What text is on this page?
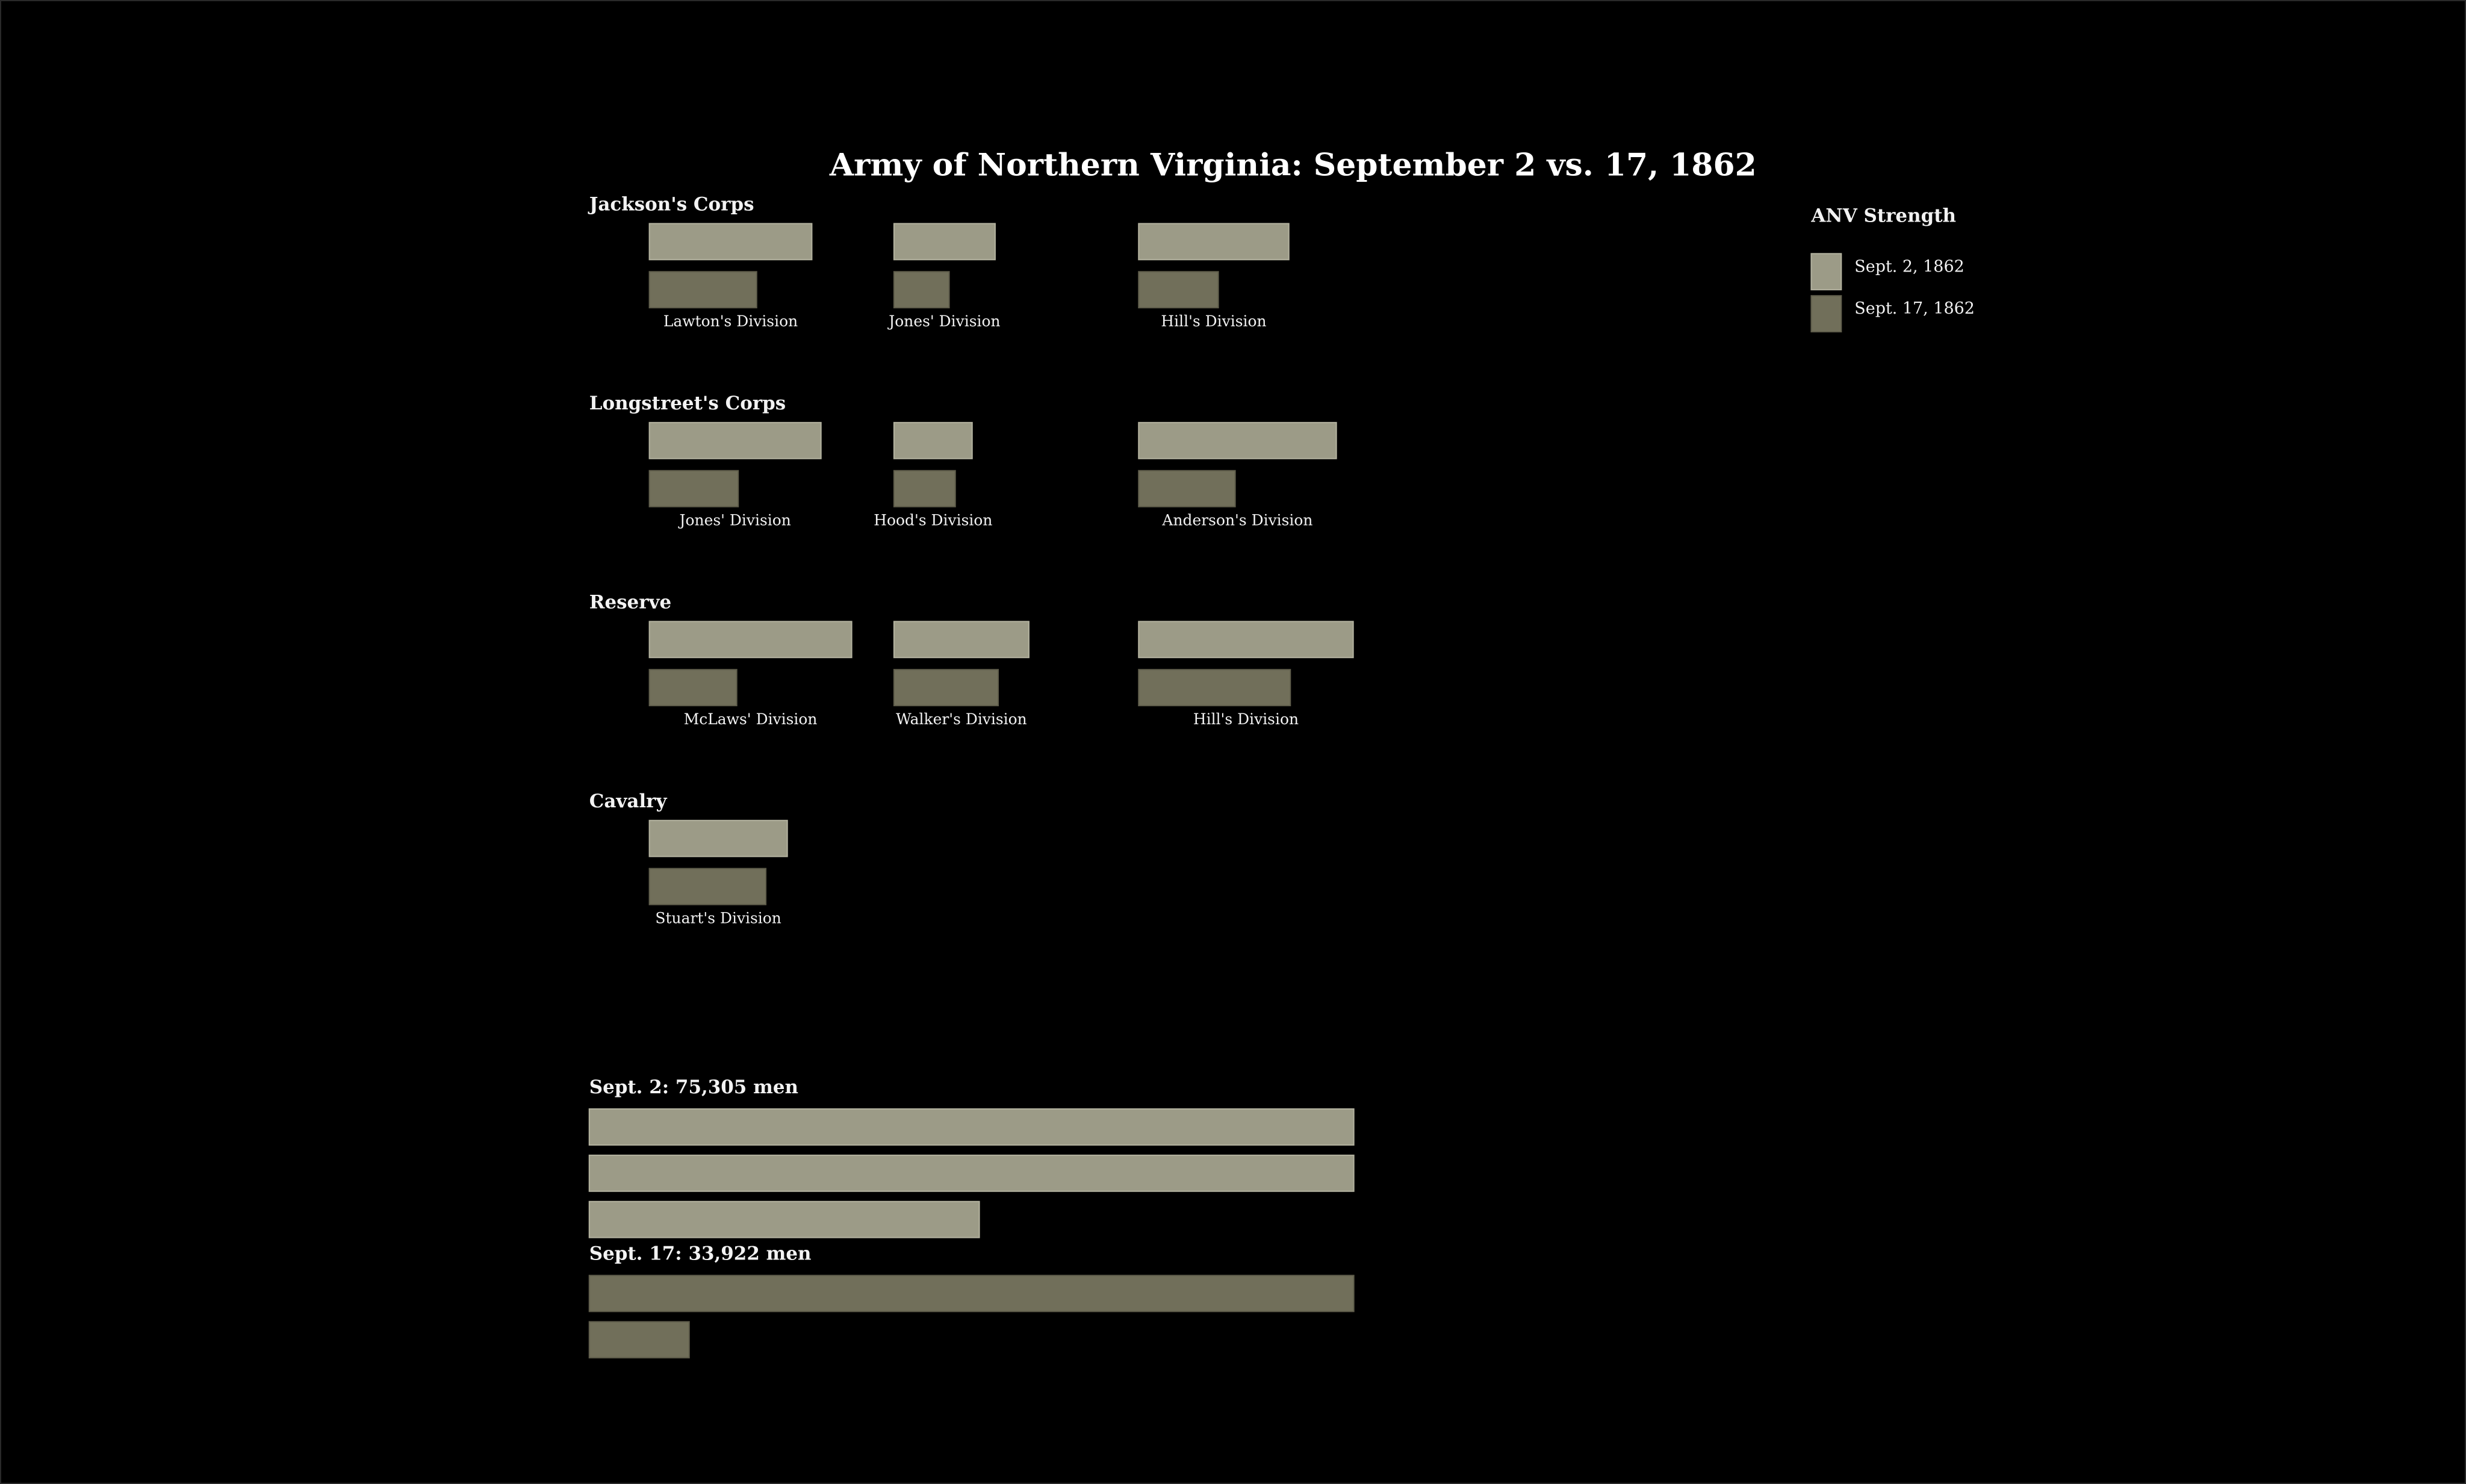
Army of Northern Virginia: September 2 vs. 17, 1862
Jackson's Corps
Lawton's Division	Jones' Division	Hill's Division
Longstreet's Corps
Jones' Division	Hood's Division	Anderson's Division
Reserve
McLaws' Division	Walker's Division	Hill's Division
Cavalry
Stuart's Division
Sept. 2: 75,305 men
Sept. 17: 33,922 men
ANV Strength
Sept. 2, 1862
Sept. 17, 1862
